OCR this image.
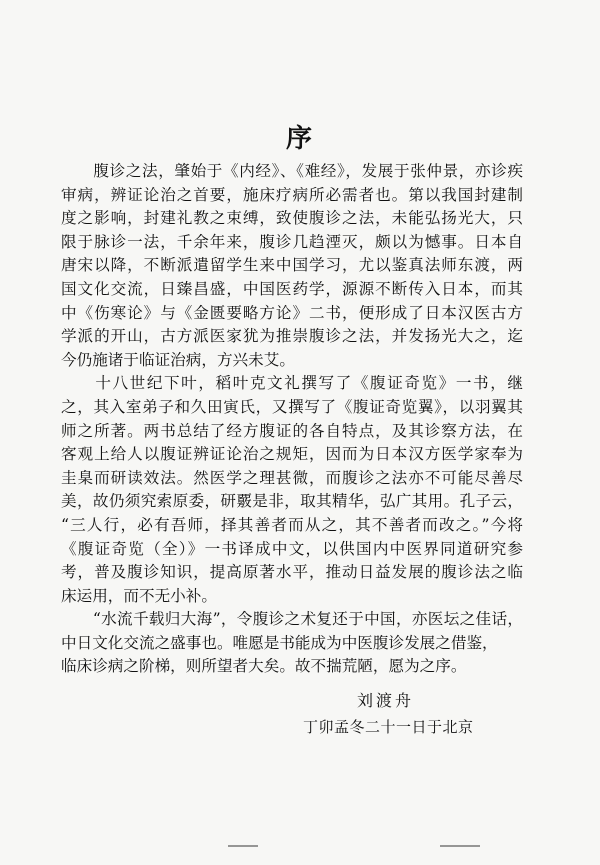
序
　　腹诊之法，肇始于《内经》、《难经》，发展于张仲景，亦诊疾
审病，辨证论治之首要，施床疗病所必需者也。第以我国封建制
度之影响，封建礼教之束缚，致使腹诊之法，未能弘扬光大，只
限于脉诊一法，千余年来，腹诊几趋湮灭，颇以为憾事。日本自
唐宋以降，不断派遣留学生来中国学习，尤以鉴真法师东渡，两
国文化交流，日臻昌盛，中国医药学，源源不断传入日本，而其
中《伤寒论》与《金匮要略方论》二书，便形成了日本汉医古方
学派的开山，古方派医家犹为推崇腹诊之法，并发扬光大之，迄
今仍施诸于临证治病，方兴未艾。
　　十八世纪下叶，稻叶克文礼撰写了《腹证奇览》一书，继
之，其入室弟子和久田寅氏，又撰写了《腹证奇览翼》，以羽翼其
师之所著。两书总结了经方腹证的各自特点，及其诊察方法，在
客观上给人以腹证辨证论治之规矩，因而为日本汉方医学家奉为
圭臬而研读效法。然医学之理甚微，而腹诊之法亦不可能尽善尽
美，故仍须究索原委，研覈是非，取其精华，弘广其用。孔子云，
“三人行，必有吾师，择其善者而从之，其不善者而改之。”今将
《腹证奇览（全）》一书译成中文，以供国内中医界同道研究参
考，普及腹诊知识，提高原著水平，推动日益发展的腹诊法之临
床运用，而不无小补。
　　“水流千载归大海”，令腹诊之术复还于中国，亦医坛之佳话，
中日文化交流之盛事也。唯愿是书能成为中医腹诊发展之借鉴，
临床诊病之阶梯，则所望者大矣。故不揣荒陋，愿为之序。
刘渡舟
丁卯孟冬二十一日于北京
